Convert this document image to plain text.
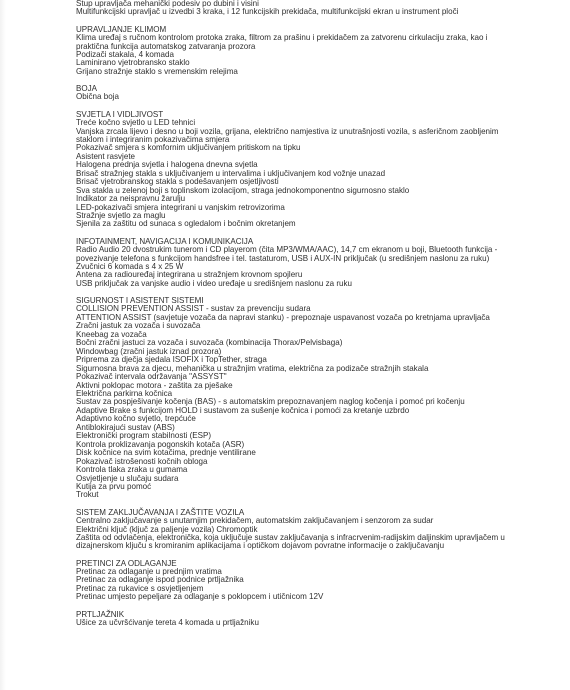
Stup upravljača mehanički podesiv po dubini i visini
Multifunkcijski upravljač u izvedbi 3 kraka, i 12 funkcijskih prekidača, multifunkcijski ekran u instrument ploči
UPRAVLJANJE KLIMOM
Klima uređaj s ručnom kontrolom protoka zraka, filtrom za prašinu i prekidačem za zatvorenu cirkulaciju zraka, kao i praktična funkcija automatskog zatvaranja prozora
Podizači stakala, 4 komada
Laminirano vjetrobransko staklo
Grijano stražnje staklo s vremenskim relejima
BOJA
Obična boja
SVJETLA I VIDLJIVOST
Treće kočno svjetlo u LED tehnici
Vanjska zrcala lijevo i desno u boji vozila, grijana, električno namjestiva iz unutrašnjosti vozila, s asferičnom zaobljenim staklom i integriranim pokazivačima smjera
Pokazivač smjera s komfornim uključivanjem pritiskom na tipku
Asistent rasvjete
Halogena prednja svjetla i halogena dnevna svjetla
Brisač stražnjeg stakla s uključivanjem u intervalima i uključivanjem kod vožnje unazad
Brisač vjetrobranskog stakla s podešavanjem osjetljivosti
Sva stakla u zelenoj boji s toplinskom izolacijom, straga jednokomponentno sigurnosno staklo
Indikator za neispravnu žarulju
LED-pokazivači smjera integrirani u vanjskim retrovizorima
Stražnje svjetlo za maglu
Sjenila za zaštitu od sunaca s ogledalom i bočnim okretanjem
INFOTAINMENT, NAVIGACIJA I KOMUNIKACIJA
Radio Audio 20 dvostrukim tunerom i CD playerom (čita MP3/WMA/AAC), 14,7 cm ekranom u boji, Bluetooth funkcija - povezivanje telefona s funkcijom handsfree i tel. tastaturom, USB i AUX-IN priključak (u središnjem naslonu za ruku)
Zvučnici 6 komada s 4 x 25 W
Antena za radiouređaj integrirana u stražnjem krovnom spojleru
USB priključak za vanjske audio i video uređaje u središnjem naslonu za ruku
SIGURNOST I ASISTENT SISTEMI
COLLISION PREVENTION ASSIST - sustav za prevenciju sudara
ATTENTION ASSIST (savjetuje vozača da napravi stanku) - prepoznaje uspavanost vozača po kretnjama upravljača
Zračni jastuk za vozača i suvozača
Kneebag za vozača
Bočni zračni jastuci za vozača i suvozača (kombinacija Thorax/Pelvisbaga)
Windowbag (zračni jastuk iznad prozora)
Priprema za dječja sjedala ISOFIX i TopTether, straga
Sigurnosna brava za djecu, mehanička u stražnjim vratima, električna za podizače stražnjih stakala
Pokazivač intervala održavanja "ASSYST"
Aktivni poklopac motora - zaštita za pješake
Električna parkirna kočnica
Sustav za pospješivanje kočenja (BAS) - s automatskim prepoznavanjem naglog kočenja i pomoć pri kočenju
Adaptive Brake s funkcijom HOLD i sustavom za sušenje kočnica i pomoći za kretanje uzbrdo
Adaptivno kočno svjetlo, trepćuće
Antiblokirajući sustav (ABS)
Elektronički program stabilnosti (ESP)
Kontrola proklizavanja pogonskih kotača (ASR)
Disk kočnice na svim kotačima, prednje ventilirane
Pokazivač istrošenosti kočnih obloga
Kontrola tlaka zraka u gumama
Osvjetljenje u slučaju sudara
Kutija za prvu pomoć
Trokut
SISTEM ZAKLJUČAVANJA I ZAŠTITE VOZILA
Centralno zaključavanje s unutarnjim prekidačem, automatskim zaključavanjem i senzorom za sudar
Električni ključ (ključ za paljenje vozila) Chromoptik
Zaštita od odvlačenja, elektronička, koja uključuje sustav zaključavanja s infracrvenim-radijskim daljinskim upravljačem u dizajnerskom ključu s kromiranim aplikacijama i optičkom dojavom povratne informacije o zaključavanju
PRETINCI ZA ODLAGANJE
Pretinac za odlaganje u prednjim vratima
Pretinac za odlaganje ispod podnice prtljažnika
Pretinac za rukavice s osvjetljenjem
Pretinac umjesto pepeljare za odlaganje s poklopcem i utičnicom 12V
PRTLJAŽNIK
Ušice za učvršćivanje tereta 4 komada u prtljažniku
